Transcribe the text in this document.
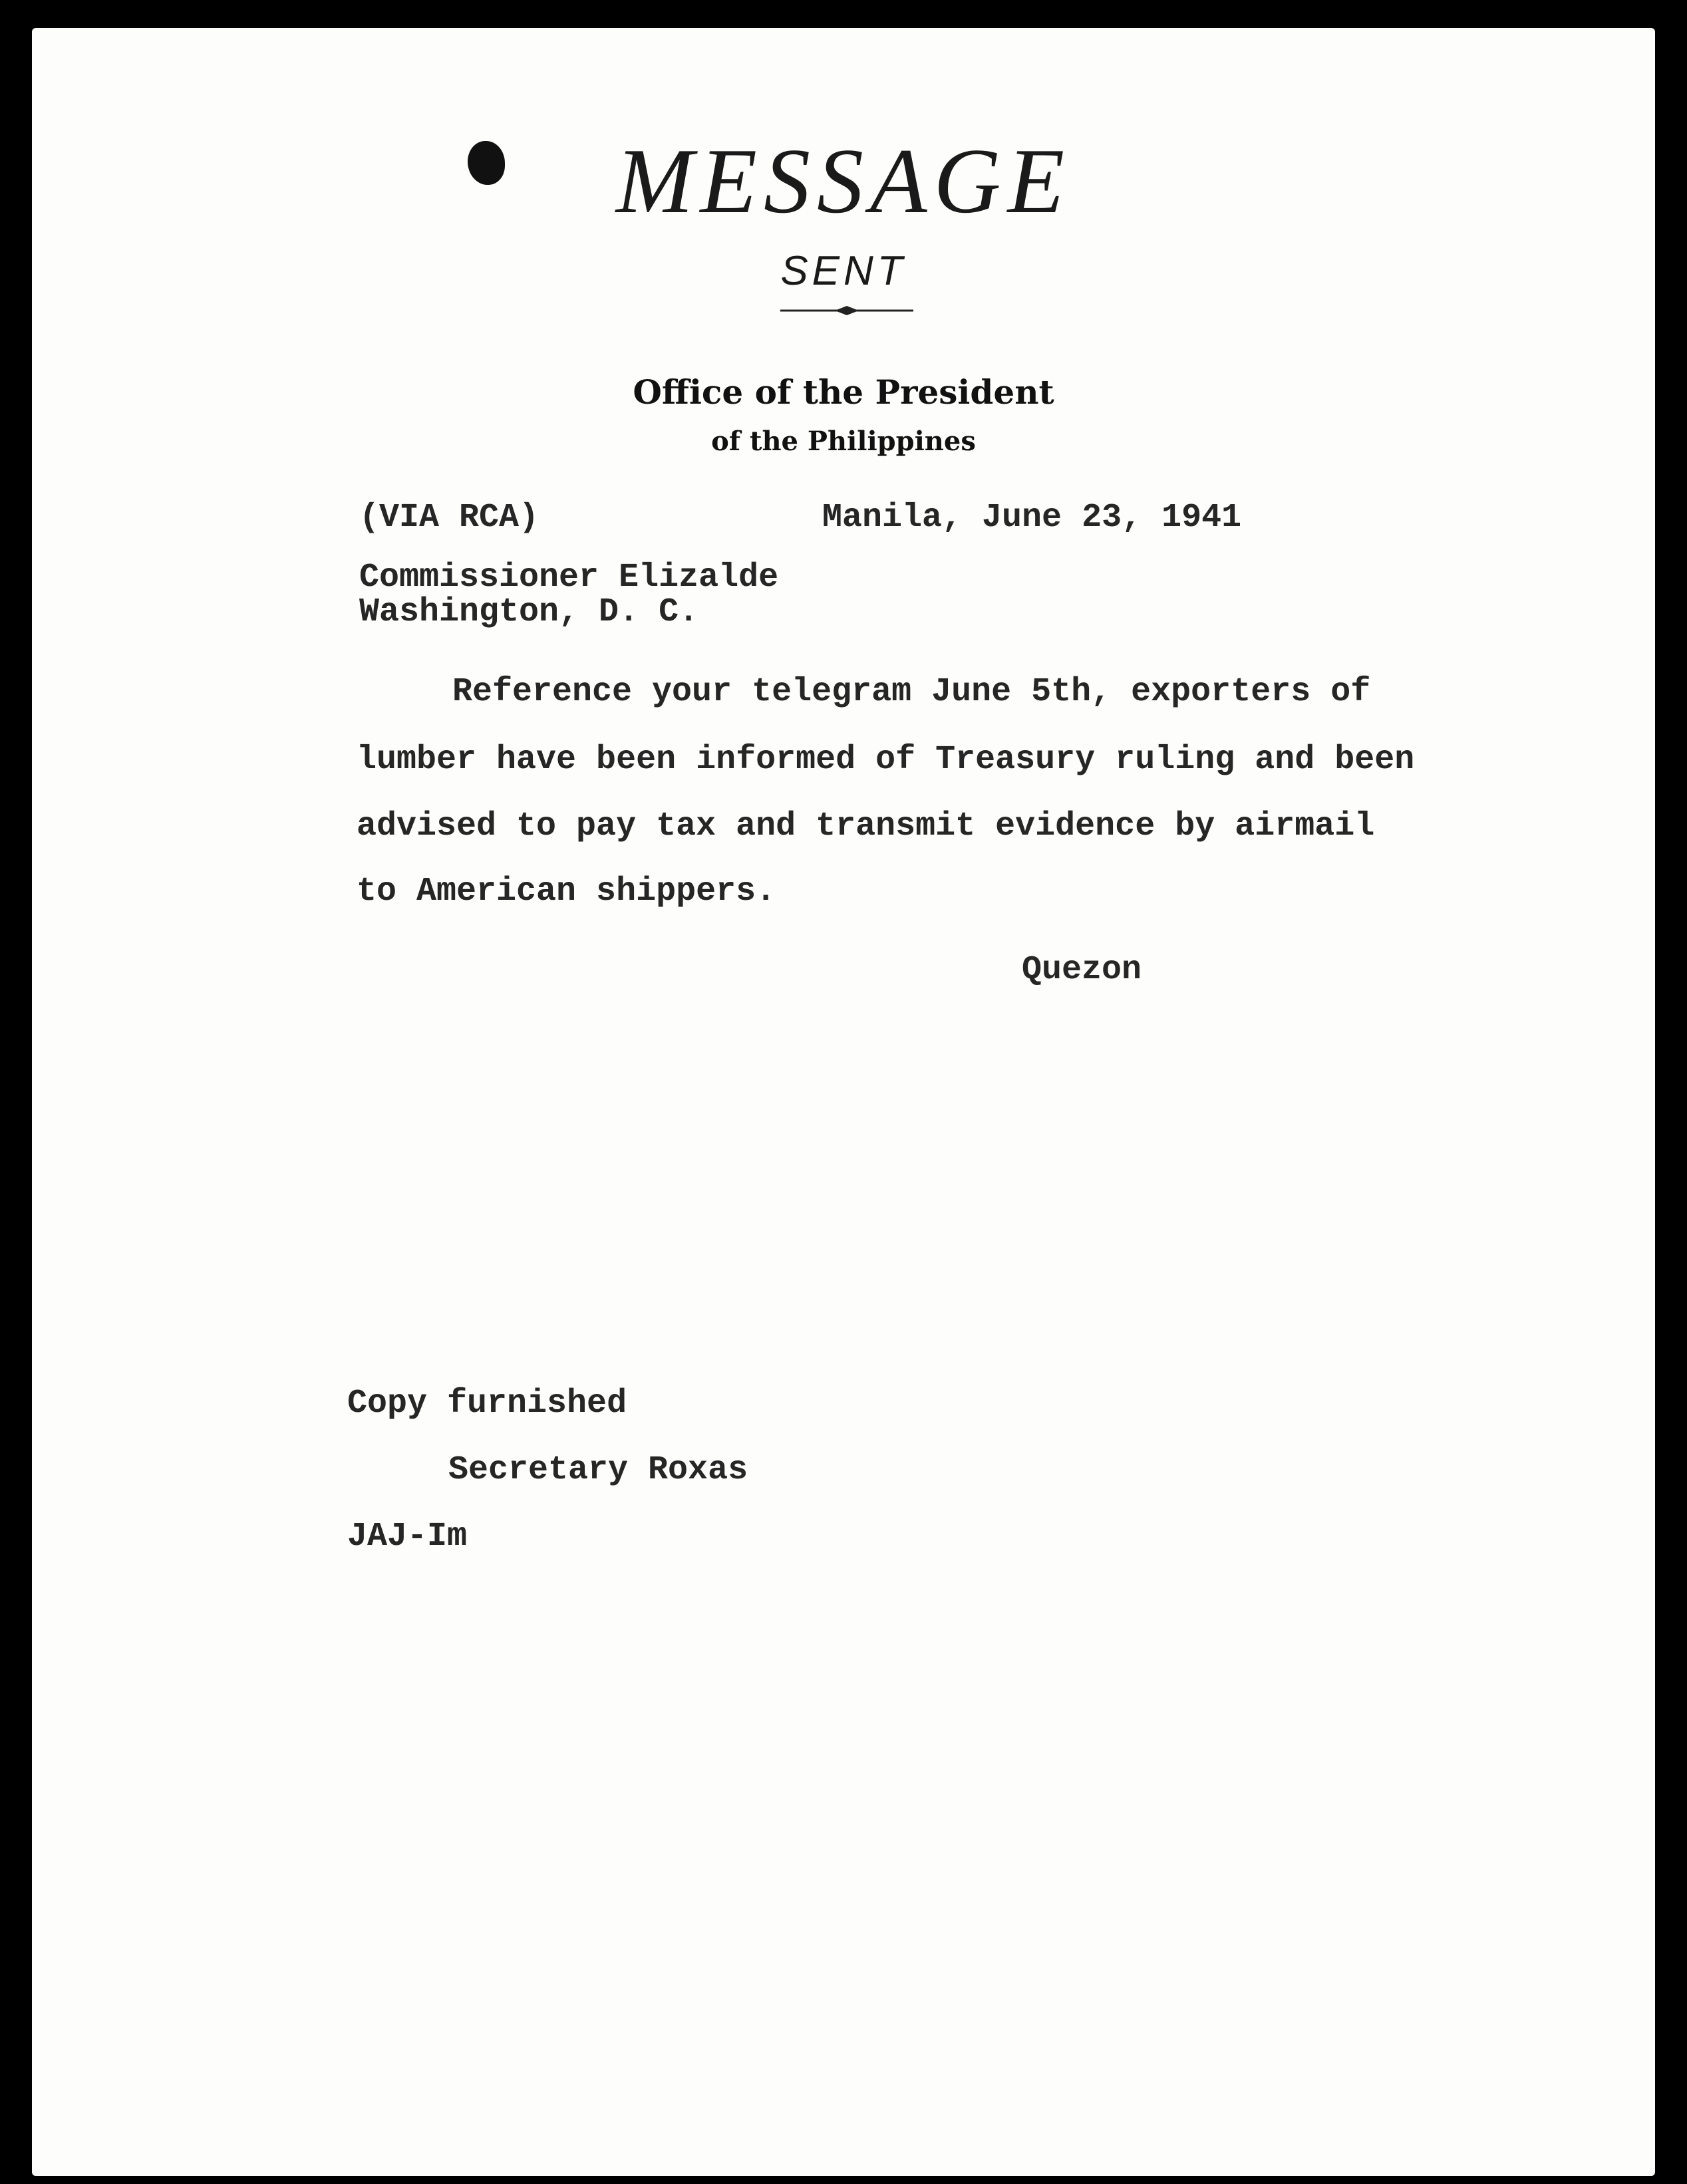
MESSAGE
SENT
Office of the President
of the Philippines
(VIA RCA)	Manila, June 23, 1941
Commissioner Elizalde
Washington, D. C.
Reference your telegram June 5th, exporters of
lumber have been informed of Treasury ruling and been
advised to pay tax and transmit evidence by airmail
to American shippers.
Quezon
Copy furnished
Secretary Roxas
JAJ-Im
